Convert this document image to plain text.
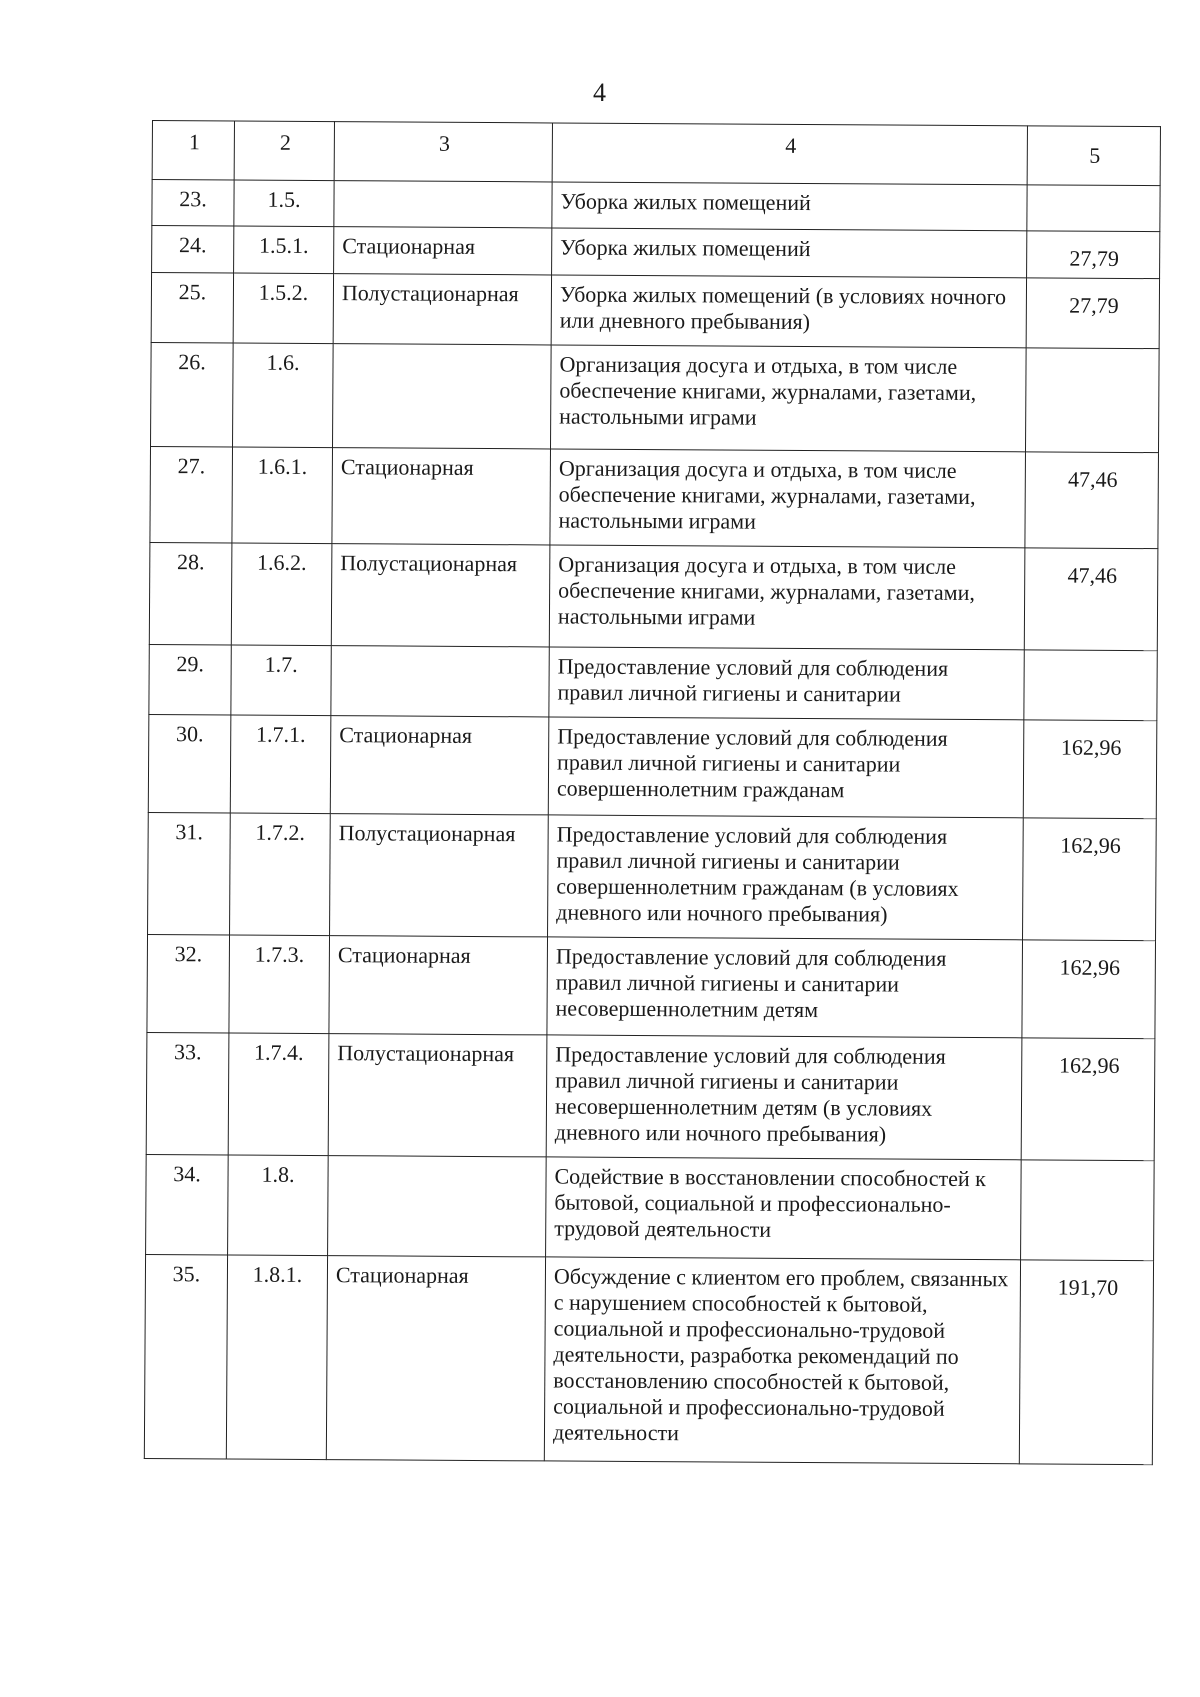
4
1	2	3	4	5
23.	1.5.		Уборка жилых помещений	
24.	1.5.1.	Стационарная	Уборка жилых помещений	27,79
25.	1.5.2.	Полустационарная	Уборка жилых помещений (в условиях ночного или дневного пребывания)	27,79
26.	1.6.		Организация досуга и отдыха, в том числе обеспечение книгами, журналами, газетами, настольными играми	
27.	1.6.1.	Стационарная	Организация досуга и отдыха, в том числе обеспечение книгами, журналами, газетами, настольными играми	47,46
28.	1.6.2.	Полустационарная	Организация досуга и отдыха, в том числе обеспечение книгами, журналами, газетами, настольными играми	47,46
29.	1.7.		Предоставление условий для соблюдения правил личной гигиены и санитарии	
30.	1.7.1.	Стационарная	Предоставление условий для соблюдения правил личной гигиены и санитарии совершеннолетним гражданам	162,96
31.	1.7.2.	Полустационарная	Предоставление условий для соблюдения правил личной гигиены и санитарии совершеннолетним гражданам (в условиях дневного или ночного пребывания)	162,96
32.	1.7.3.	Стационарная	Предоставление условий для соблюдения правил личной гигиены и санитарии несовершеннолетним детям	162,96
33.	1.7.4.	Полустационарная	Предоставление условий для соблюдения правил личной гигиены и санитарии несовершеннолетним детям (в условиях дневного или ночного пребывания)	162,96
34.	1.8.		Содействие в восстановлении способностей к бытовой, социальной и профессионально-трудовой деятельности	
35.	1.8.1.	Стационарная	Обсуждение с клиентом его проблем, связанных с нарушением способностей к бытовой, социальной и профессионально-трудовой деятельности, разработка рекомендаций по восстановлению способностей к бытовой, социальной и профессионально-трудовой деятельности	191,70
